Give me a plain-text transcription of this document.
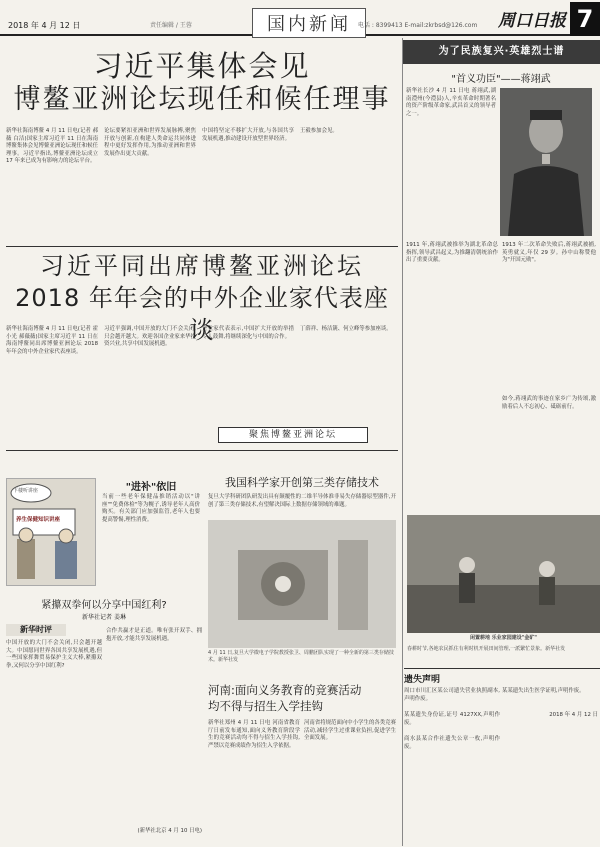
2018 年 4 月 12 日	责任编辑 / 王蓉	国内新闻	电话 : 8399413 E-mail:zkrbsd@126.com 周口日报 7
习近平集体会见
博鳌亚洲论坛现任和候任理事
新华社海南博鳌 4 月 11 日电(记者 郝 薇 白洁)国家主席习近平 11 日在海南博鳌集体会见博鳌亚洲论坛现任和候任理事。习近平指出,博鳌亚洲论坛成立 17 年来已成为有影响力的论坛平台。
论坛要紧扣亚洲和世界发展脉搏,聚焦开放与创新,在构建人类命运共同体进程中更好发挥作用,为推动亚洲和世界发展作出更大贡献。
中国将坚定不移扩大开放,与各国共享发展机遇,推动建设开放型世界经济。
王毅参加会见。
习近平同出席博鳌亚洲论坛
2018 年年会的中外企业家代表座谈
新华社海南博鳌 4 月 11 日电(记者 霍小光 郝薇薇)国家主席习近平 11 日在海南博鳌同出席博鳌亚洲论坛 2018 年年会的中外企业家代表座谈。
习近平强调,中国开放的大门不会关闭,只会越开越大。欢迎各国企业家来华投资兴业,共享中国发展机遇。
企业家代表表示,中国扩大开放的举措令人鼓舞,将继续深化与中国的合作。
丁薛祥、杨洁篪、何立峰等参加座谈。
聚焦博鳌亚洲论坛
为了民族复兴·英雄烈士谱
"首义功臣"——蒋翊武
新华社长沙 4 月 11 日电 蒋翊武,湖南澧州(今澧县)人,辛亥革命时期著名的资产阶级革命家,武昌首义的领导者之一。
1911 年,蒋翊武被推举为湖北革命总指挥,领导武昌起义,为推翻清朝统治作出了重要贡献。
1913 年二次革命失败后,蒋翊武被捕,英勇就义,年仅 29 岁。孙中山称赞他为"开国元勋"。
如今,蒋翊武的事迹在家乡广为传颂,激励着后人不忘初心、砥砺前行。
下楼听讲座
养生保健知识讲座
"进补"依旧
当前一些老年保健品推销活动以"讲座""免费体检"等为幌子,诱导老年人高价购买。有关部门应加强监管,老年人也要提高警惕,理性消费。
我国科学家开创第三类存储技术
复旦大学科研团队研发出具有颠覆性的二维半导体准非易失存储器原型器件,开创了第三类存储技术,有望解决国际上数据存储领域的难题。
4 月 11 日,复旦大学微电子学院教授张卫、周鹏团队实现了一种全新的第三类存储技术。新华社发
紧攥双拳何以分享中国红利?
新华社记者 姜琳
新华时评
中国开放的大门不会关闭,只会越开越大。中国愿同世界各国共享发展机遇,但一些国家挥舞贸易保护主义大棒,紧攥双拳,又何以分享中国红利?
合作共赢才是正道。唯有张开双手、拥抱开放,才能共享发展机遇。
(新华社北京 4 月 10 日电)
河南:面向义务教育的竞赛活动
均不得与招生入学挂钩
新华社郑州 4 月 11 日电 河南省教育厅日前发布通知,面向义务教育阶段学生的竞赛活动均不得与招生入学挂钩,严禁以竞赛成绩作为招生入学依据。
河南省将规范面向中小学生的各类竞赛活动,减轻学生过重课业负担,促进学生全面发展。
闲置耕地 乐业家园建设"金矿"
春耕时节,各地农民抓住有利时机开展田间管理,一派繁忙景象。新华社发
遗失声明
周口市川汇区某公司遗失营业执照副本,声明作废。
某某遗失身份证,证号 4127XX,声明作废。
商水县某合作社遗失公章一枚,声明作废。
某某遗失出生医学证明,声明作废。
2018 年 4 月 12 日
